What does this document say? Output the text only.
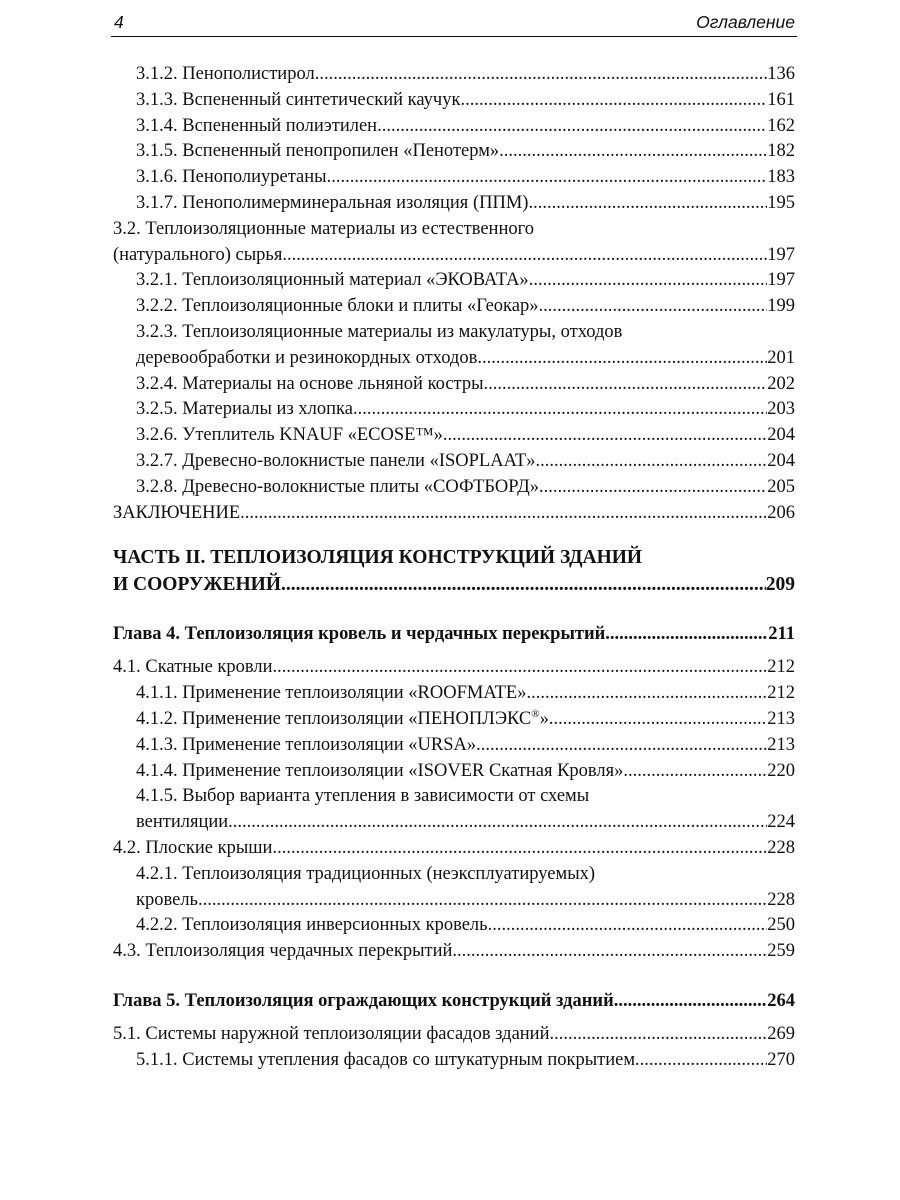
4	Оглавление
3.1.2. Пенополистирол .....	136
3.1.3. Вспененный синтетический каучук .....	161
3.1.4. Вспененный полиэтилен .....	162
3.1.5. Вспененный пенопропилен «Пенотерм» .....	182
3.1.6. Пенополиуретаны .....	183
3.1.7. Пенополимерминеральная изоляция (ППМ) .....	195
3.2. Теплоизоляционные материалы из естественного
(натурального) сырья .....	197
3.2.1. Теплоизоляционный материал «ЭКОВАТА» .....	197
3.2.2. Теплоизоляционные блоки и плиты «Геокар» .....	199
3.2.3. Теплоизоляционные материалы из макулатуры, отходов
деревообработки и резинокордных отходов .....	201
3.2.4. Материалы на основе льняной костры .....	202
3.2.5. Материалы из хлопка .....	203
3.2.6. Утеплитель KNAUF «ECOSE™» .....	204
3.2.7. Древесно-волокнистые панели «ISOPLAAT» .....	204
3.2.8. Древесно-волокнистые плиты «СОФТБОРД» .....	205
ЗАКЛЮЧЕНИЕ .....	206
ЧАСТЬ II. ТЕПЛОИЗОЛЯЦИЯ КОНСТРУКЦИЙ ЗДАНИЙ
И СООРУЖЕНИЙ .....	209
Глава 4. Теплоизоляция кровель и чердачных перекрытий .....	211
4.1. Скатные кровли .....	212
4.1.1. Применение теплоизоляции «ROOFMATE» .....	212
4.1.2. Применение теплоизоляции «ПЕНОПЛЭКС®» .....	213
4.1.3. Применение теплоизоляции «URSA» .....	213
4.1.4. Применение теплоизоляции «ISOVER Скатная Кровля» .....	220
4.1.5. Выбор варианта утепления в зависимости от схемы
вентиляции .....	224
4.2. Плоские крыши .....	228
4.2.1. Теплоизоляция традиционных (неэксплуатируемых)
кровель .....	228
4.2.2. Теплоизоляция инверсионных кровель .....	250
4.3. Теплоизоляция чердачных перекрытий .....	259
Глава 5. Теплоизоляция ограждающих конструкций зданий .....	264
5.1. Системы наружной теплоизоляции фасадов зданий .....	269
5.1.1. Системы утепления фасадов со штукатурным покрытием .....	270
